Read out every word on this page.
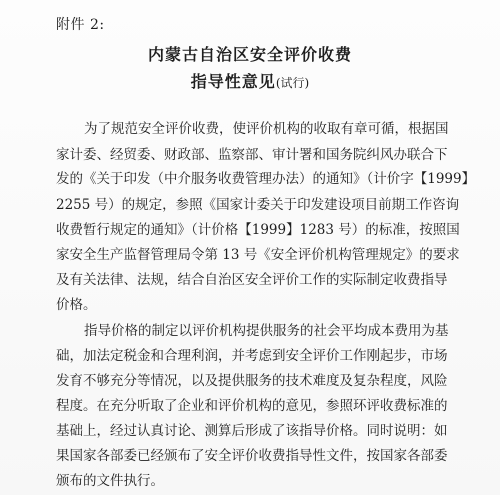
附件 2:
内蒙古自治区安全评价收费
指导性意见(试行)
为了规范安全评价收费，使评价机构的收取有章可循，根据国
家计委、经贸委、财政部、监察部、审计署和国务院纠风办联合下
发的《关于印发（中介服务收费管理办法）的通知》（计价字【1999】
2255 号）的规定，参照《国家计委关于印发建设项目前期工作咨询
收费暂行规定的通知》（计价格【1999】1283 号）的标准，按照国
家安全生产监督管理局令第 13 号《安全评价机构管理规定》的要求
及有关法律、法规，结合自治区安全评价工作的实际制定收费指导
价格。
指导价格的制定以评价机构提供服务的社会平均成本费用为基
础，加法定税金和合理利润，并考虑到安全评价工作刚起步，市场
发育不够充分等情况，以及提供服务的技术难度及复杂程度，风险
程度。在充分听取了企业和评价机构的意见，参照环评收费标准的
基础上，经过认真讨论、测算后形成了该指导价格。同时说明：如
果国家各部委已经颁布了安全评价收费指导性文件，按国家各部委
颁布的文件执行。
